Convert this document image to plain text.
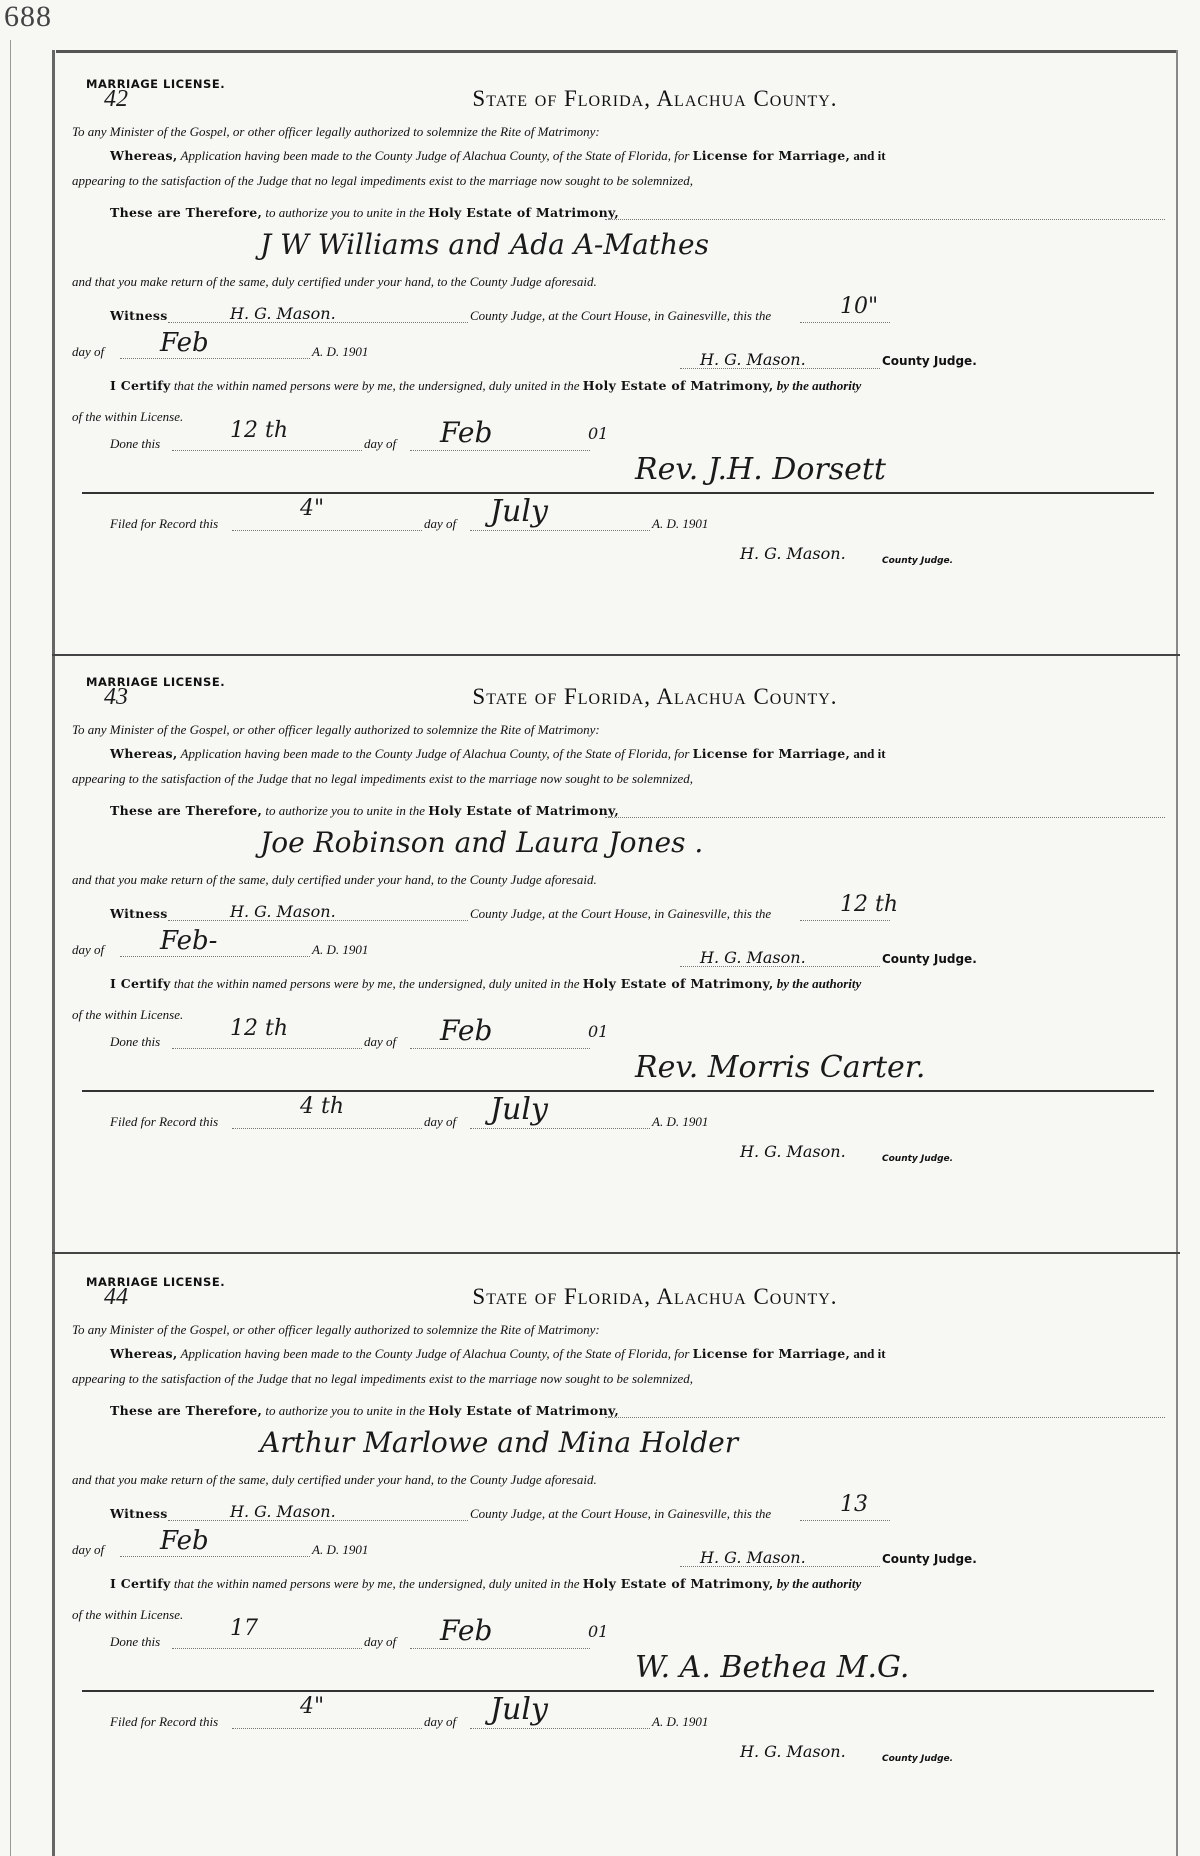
688
MARRIAGE LICENSE.
42	State of Florida, Alachua County.
To any Minister of the Gospel, or other officer legally authorized to solemnize the Rite of Matrimony:
Whereas, Application having been made to the County Judge of Alachua County, of the State of Florida, for License for Marriage, and it
appearing to the satisfaction of the Judge that no legal impediments exist to the marriage now sought to be solemnized,
These are Therefore, to authorize you to unite in the Holy Estate of Matrimony,
J W Williams and Ada A-Mathes
and that you make return of the same, duly certified under your hand, to the County Judge aforesaid.
Witness	H. G. Mason.	County Judge, at the Court House, in Gainesville, this the	10"
day of Feb	A. D. 1901	H. G. Mason.	County Judge.
I Certify that the within named persons were by me, the undersigned, duly united in the Holy Estate of Matrimony, by the authority
of the within License.
Done this
12 th
day of Feb	01
Rev. J.H. Dorsett
Filed for Record this
4"
day of July	A. D. 1901
H. G. Mason.	County Judge.
MARRIAGE LICENSE.
43	State of Florida, Alachua County.
To any Minister of the Gospel, or other officer legally authorized to solemnize the Rite of Matrimony:
Whereas, Application having been made to the County Judge of Alachua County, of the State of Florida, for License for Marriage, and it
appearing to the satisfaction of the Judge that no legal impediments exist to the marriage now sought to be solemnized,
These are Therefore, to authorize you to unite in the Holy Estate of Matrimony,
Joe Robinson and Laura Jones .
and that you make return of the same, duly certified under your hand, to the County Judge aforesaid.
Witness	H. G. Mason.	County Judge, at the Court House, in Gainesville, this the	12 th
day of Feb-	A. D. 1901	H. G. Mason.	County Judge.
I Certify that the within named persons were by me, the undersigned, duly united in the Holy Estate of Matrimony, by the authority
of the within License.
Done this
12 th
day of Feb	01
Rev. Morris Carter.
Filed for Record this
4 th
day of July	A. D. 1901
H. G. Mason.	County Judge.
MARRIAGE LICENSE.
44	State of Florida, Alachua County.
To any Minister of the Gospel, or other officer legally authorized to solemnize the Rite of Matrimony:
Whereas, Application having been made to the County Judge of Alachua County, of the State of Florida, for License for Marriage, and it
appearing to the satisfaction of the Judge that no legal impediments exist to the marriage now sought to be solemnized,
These are Therefore, to authorize you to unite in the Holy Estate of Matrimony,
Arthur Marlowe and Mina Holder
and that you make return of the same, duly certified under your hand, to the County Judge aforesaid.
Witness	H. G. Mason.	County Judge, at the Court House, in Gainesville, this the	13
day of Feb	A. D. 1901	H. G. Mason.	County Judge.
I Certify that the within named persons were by me, the undersigned, duly united in the Holy Estate of Matrimony, by the authority
of the within License.
Done this
17
day of Feb	01
W. A. Bethea M.G.
Filed for Record this
4"
day of July	A. D. 1901
H. G. Mason.	County Judge.
